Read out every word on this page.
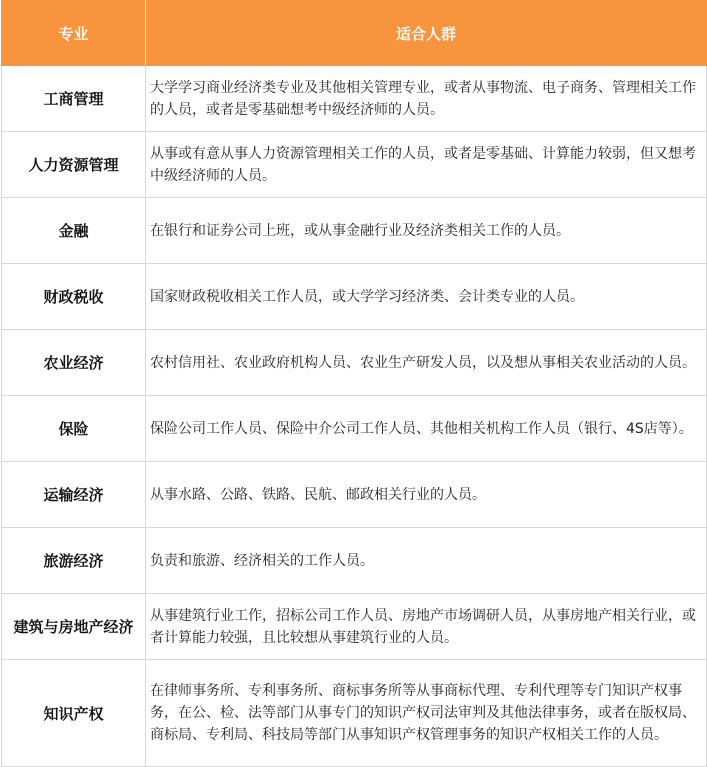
专业	适合人群
工商管理	大学学习商业经济类专业及其他相关管理专业，或者从事物流、电子商务、管理相关工作的人员，或者是零基础想考中级经济师的人员。
人力资源管理	从事或有意从事人力资源管理相关工作的人员，或者是零基础、计算能力较弱，但又想考中级经济师的人员。
金融	在银行和证券公司上班，或从事金融行业及经济类相关工作的人员。
财政税收	国家财政税收相关工作人员，或大学学习经济类、会计类专业的人员。
农业经济	农村信用社、农业政府机构人员、农业生产研发人员，以及想从事相关农业活动的人员。
保险	保险公司工作人员、保险中介公司工作人员、其他相关机构工作人员（银行、4S店等）。
运输经济	从事水路、公路、铁路、民航、邮政相关行业的人员。
旅游经济	负责和旅游、经济相关的工作人员。
建筑与房地产经济	从事建筑行业工作，招标公司工作人员、房地产市场调研人员，从事房地产相关行业，或者计算能力较强，且比较想从事建筑行业的人员。
知识产权	在律师事务所、专利事务所、商标事务所等从事商标代理、专利代理等专门知识产权事务，在公、检、法等部门从事专门的知识产权司法审判及其他法律事务，或者在版权局、商标局、专利局、科技局等部门从事知识产权管理事务的知识产权相关工作的人员。
